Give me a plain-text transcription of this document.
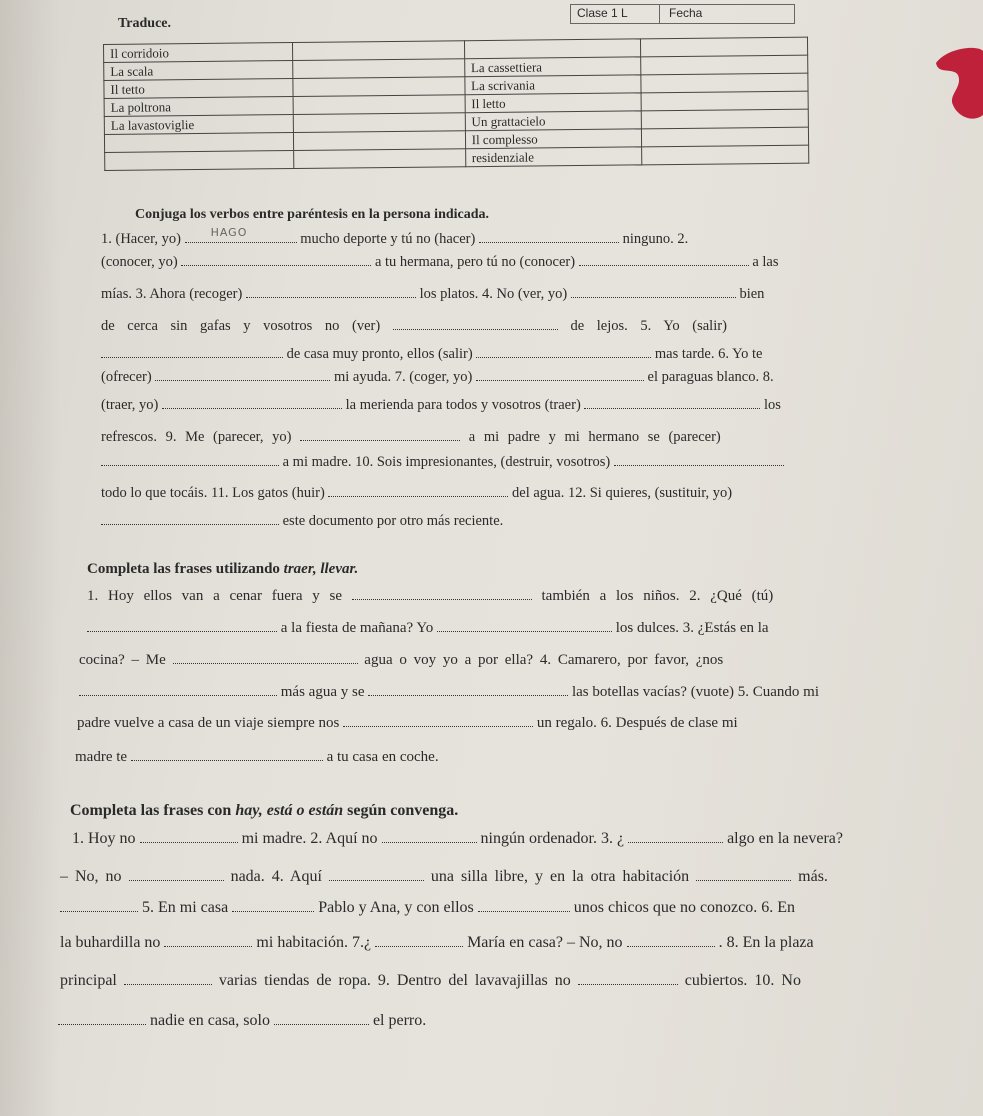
Clase 1 L	Fecha
Traduce.
Il corridoio			
La scala		La cassettiera	
Il tetto		La scrivania	
La poltrona		Il letto	
La lavastoviglie		Un grattacielo	
		Il complesso	
		residenziale	
Conjuga los verbos entre paréntesis en la persona indicada.
1. (Hacer, yo)	HAGO	mucho deporte y tú no (hacer)	ninguno. 2.
(conocer, yo)	a tu hermana, pero tú no (conocer)	a las
mías. 3. Ahora (recoger)	los platos. 4. No (ver, yo)	bien
de cerca sin gafas y vosotros no (ver)	de lejos. 5. Yo (salir)
de casa muy pronto, ellos (salir)	mas tarde. 6. Yo te
(ofrecer)	mi ayuda. 7. (coger, yo)	el paraguas blanco. 8.
(traer, yo)	la merienda para todos y vosotros (traer)	los
refrescos. 9. Me (parecer, yo)	a mi padre y mi hermano se (parecer)
a mi madre. 10. Sois impresionantes, (destruir, vosotros)
todo lo que tocáis. 11. Los gatos (huir)	del agua. 12. Si quieres, (sustituir, yo)
este documento por otro más reciente.
Completa las frases utilizando traer, llevar.
1. Hoy ellos van a cenar fuera y se	también a los niños. 2. ¿Qué (tú)
a la fiesta de mañana? Yo	los dulces. 3. ¿Estás en la
cocina? – Me	agua o voy yo a por ella? 4. Camarero, por favor, ¿nos
más agua y se	las botellas vacías? (vuote) 5. Cuando mi
padre vuelve a casa de un viaje siempre nos	un regalo. 6. Después de clase mi
madre te	a tu casa en coche.
Completa las frases con hay, está o están según convenga.
1. Hoy no	mi madre. 2. Aquí no	ningún ordenador. 3. ¿	algo en la nevera?
– No, no	nada. 4. Aquí	una silla libre, y en la otra habitación	más.
5. En mi casa	Pablo y Ana, y con ellos	unos chicos que no conozco. 6. En
la buhardilla no	mi habitación. 7.¿	María en casa? – No, no	. 8. En la plaza
principal	varias tiendas de ropa. 9. Dentro del lavavajillas no	cubiertos. 10. No
nadie en casa, solo	el perro.
